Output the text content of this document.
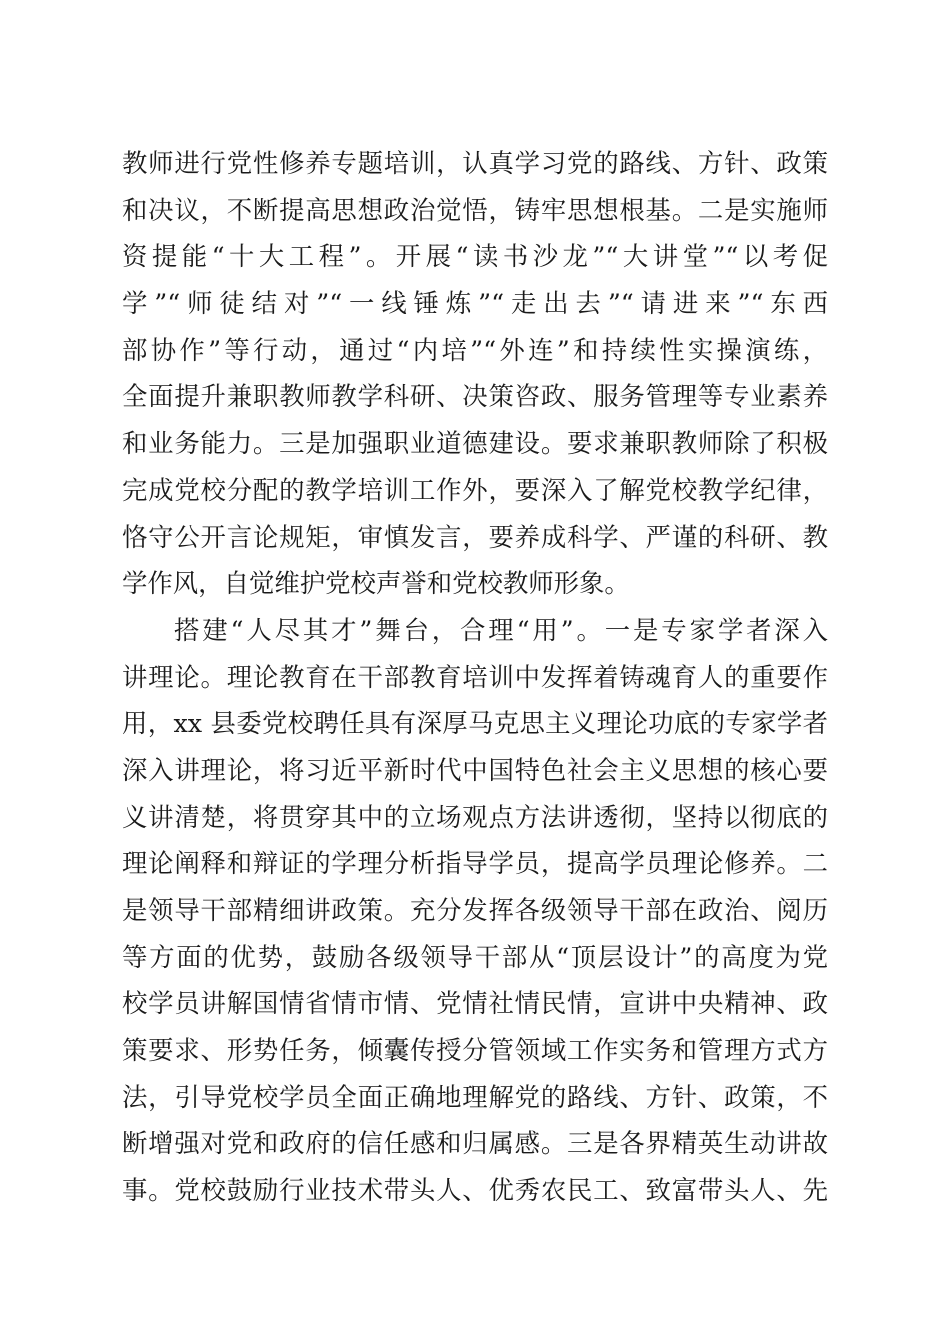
教师进行党性修养专题培训，认真学习党的路线、方针、政策
和决议，不断提高思想政治觉悟，铸牢思想根基。二是实施师
资提能“十大工程”。开展“读书沙龙”“大讲堂”“以考促
学”“师徒结对”“一线锤炼”“走出去”“请进来”“东西
部协作”等行动，通过“内培”“外连”和持续性实操演练，
全面提升兼职教师教学科研、决策咨政、服务管理等专业素养
和业务能力。三是加强职业道德建设。要求兼职教师除了积极
完成党校分配的教学培训工作外，要深入了解党校教学纪律，
恪守公开言论规矩，审慎发言，要养成科学、严谨的科研、教
学作风，自觉维护党校声誉和党校教师形象。
搭建“人尽其才”舞台，合理“用”。一是专家学者深入
讲理论。理论教育在干部教育培训中发挥着铸魂育人的重要作
用，xx 县委党校聘任具有深厚马克思主义理论功底的专家学者
深入讲理论，将习近平新时代中国特色社会主义思想的核心要
义讲清楚，将贯穿其中的立场观点方法讲透彻，坚持以彻底的
理论阐释和辩证的学理分析指导学员，提高学员理论修养。二
是领导干部精细讲政策。充分发挥各级领导干部在政治、阅历
等方面的优势，鼓励各级领导干部从“顶层设计”的高度为党
校学员讲解国情省情市情、党情社情民情，宣讲中央精神、政
策要求、形势任务，倾囊传授分管领域工作实务和管理方式方
法，引导党校学员全面正确地理解党的路线、方针、政策，不
断增强对党和政府的信任感和归属感。三是各界精英生动讲故
事。党校鼓励行业技术带头人、优秀农民工、致富带头人、先
